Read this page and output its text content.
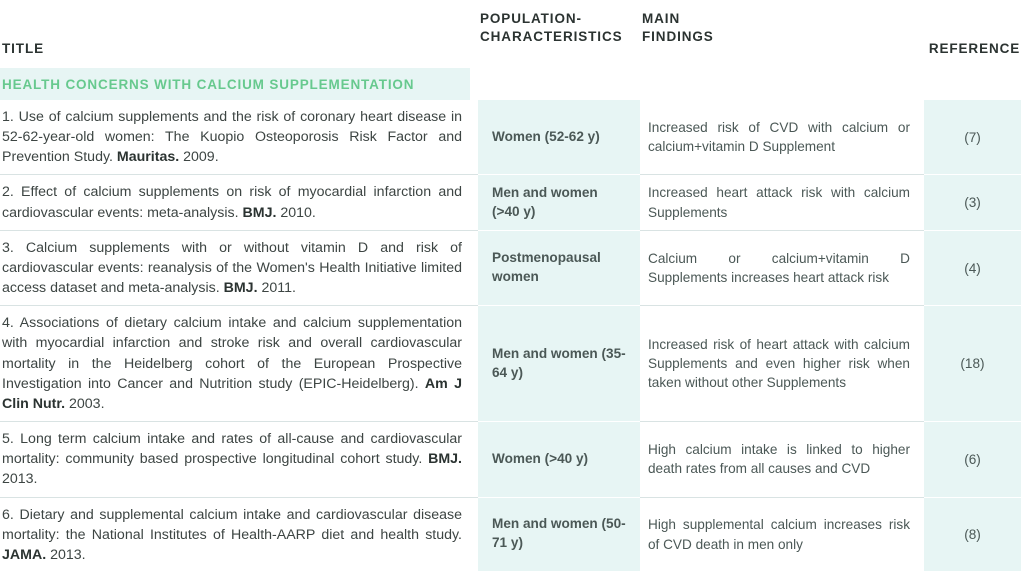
TITLE
POPULATION-
CHARACTERISTICS
MAIN
FINDINGS
REFERENCE
HEALTH CONCERNS WITH CALCIUM SUPPLEMENTATION
1. Use of calcium supplements and the risk of coronary heart disease in 52-62-year-old women: The Kuopio Osteoporosis Risk Factor and Prevention Study. Mauritas. 2009.
Women (52-62 y)
Increased risk of CVD with calcium or calcium+vitamin D Supplement
(7)
2. Effect of calcium supplements on risk of myocardial infarction and cardiovascular events: meta-analysis. BMJ. 2010.
Men and women (>40 y)
Increased heart attack risk with calcium Supplements
(3)
3. Calcium supplements with or without vitamin D and risk of cardiovascular events: reanalysis of the Women's Health Initiative limited access dataset and meta-analysis. BMJ. 2011.
Postmenopausal women
Calcium or calcium+vitamin D Supplements increases heart attack risk
(4)
4. Associations of dietary calcium intake and calcium supplementation with myocardial infarction and stroke risk and overall cardiovascular mortality in the Heidelberg cohort of the European Prospective Investigation into Cancer and Nutrition study (EPIC-Heidelberg). Am J Clin Nutr. 2003.
Men and women (35-64 y)
Increased risk of heart attack with calcium Supplements and even higher risk when taken without other Supplements
(18)
5. Long term calcium intake and rates of all-cause and cardiovascular mortality: community based prospective longitudinal cohort study. BMJ. 2013.
Women (>40 y)
High calcium intake is linked to higher death rates from all causes and CVD
(6)
6. Dietary and supplemental calcium intake and cardiovascular disease mortality: the National Institutes of Health-AARP diet and health study. JAMA. 2013.
Men and women (50-71 y)
High supplemental calcium increases risk of CVD death in men only
(8)
